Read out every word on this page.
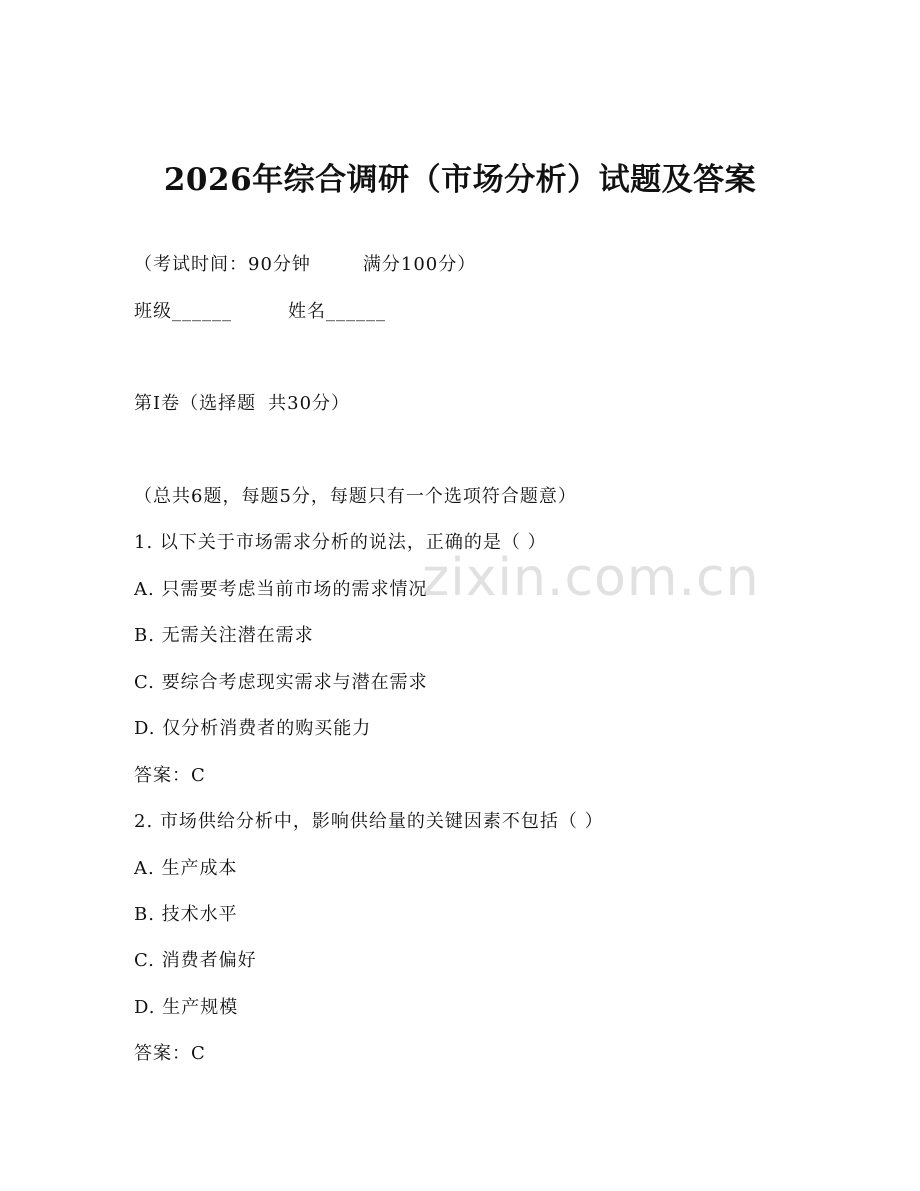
2026年综合调研（市场分析）试题及答案
（考试时间：90分钟	满分100分）
班级______	姓名______
第Ⅰ卷（选择题 共30分）
（总共6题，每题5分，每题只有一个选项符合题意）
1. 以下关于市场需求分析的说法，正确的是（ ）
A. 只需要考虑当前市场的需求情况
B. 无需关注潜在需求
C. 要综合考虑现实需求与潜在需求
D. 仅分析消费者的购买能力
答案：C
2. 市场供给分析中，影响供给量的关键因素不包括（ ）
A. 生产成本
B. 技术水平
C. 消费者偏好
D. 生产规模
答案：C
zixin.com.cn
